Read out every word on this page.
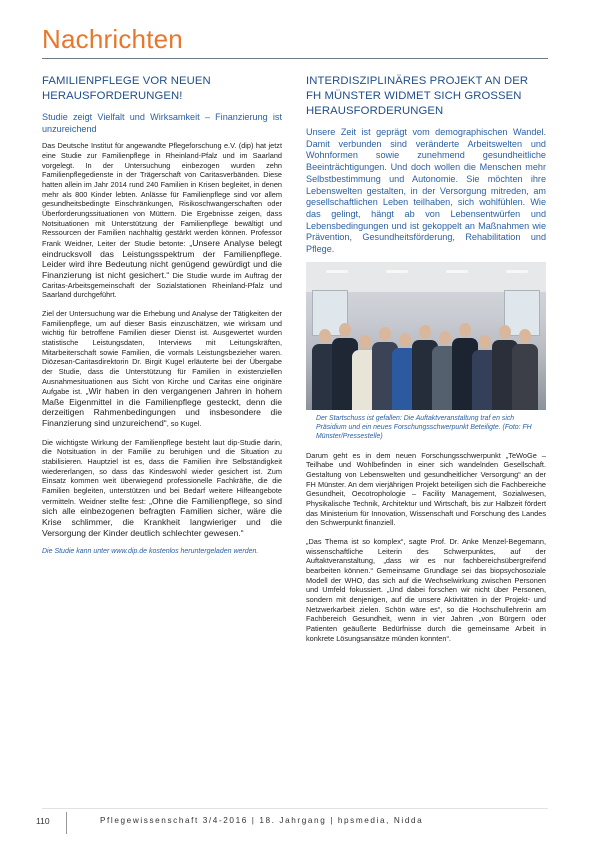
Nachrichten
FAMILIENPFLEGE VOR NEUEN HERAUSFORDERUNGEN!

Studie zeigt Vielfalt und Wirksamkeit – Finanzierung ist unzureichend

Das Deutsche Institut für angewandte Pflegeforschung e.V. (dip) hat jetzt eine Studie zur Familienpflege in Rheinland-Pfalz und im Saarland vorgelegt. In der Untersuchung einbezogen wurden zehn Familienpflegedienste in der Trägerschaft von Caritasverbänden. Diese hatten allein im Jahr 2014 rund 240 Familien in Krisen begleitet, in denen mehr als 800 Kinder lebten. Anlässe für Familienpflege sind vor allem gesundheitsbedingte Einschränkungen, Risikoschwangerschaften oder Überforderungssituationen von Müttern. Die Ergebnisse zeigen, dass Notsituationen mit Unterstützung der Familienpflege bewältigt und Ressourcen der Familien nachhaltig gestärkt werden können. Professor Frank Weidner, Leiter der Studie betonte: „Unsere Analyse belegt eindrucksvoll das Leistungsspektrum der Familienpflege. Leider wird ihre Bedeutung nicht genügend gewürdigt und die Finanzierung ist nicht gesichert.“ Die Studie wurde im Auftrag der Caritas-Arbeitsgemeinschaft der Sozialstationen Rheinland-Pfalz und Saarland durchgeführt.

Ziel der Untersuchung war die Erhebung und Analyse der Tätigkeiten der Familienpflege, um auf dieser Basis einzuschätzen, wie wirksam und wichtig für betroffene Familien dieser Dienst ist. Ausgewertet wurden statistische Leistungsdaten, Interviews mit Leitungskräften, Mitarbeiterschaft sowie Familien, die vormals Leistungsbezieher waren. Diözesan-Caritasdirektorin Dr. Birgit Kugel erläuterte bei der Übergabe der Studie, dass die Unterstützung für Familien in existenziellen Ausnahmesituationen aus Sicht von Kirche und Caritas eine originäre Aufgabe ist. „Wir haben in den vergangenen Jahren in hohem Maße Eigenmittel in die Familienpflege gesteckt, denn die derzeitigen Rahmenbedingungen und insbesondere die Finanzierung sind unzureichend“, so Kugel.

Die wichtigste Wirkung der Familienpflege besteht laut dip-Studie darin, die Notsituation in der Familie zu beruhigen und die Situation zu stabilisieren. Hauptziel ist es, dass die Familien ihre Selbständigkeit wiedererlangen, so dass das Kindeswohl wieder gesichert ist. Zum Einsatz kommen weit überwiegend professionelle Fachkräfte, die die Familien begleiten, unterstützen und bei Bedarf weitere Hilfeangebote vermitteln. Weidner stellte fest: „Ohne die Familienpflege, so sind sich alle einbezogenen befragten Familien sicher, wäre die Krise schlimmer, die Krankheit langwieriger und die Versorgung der Kinder deutlich schlechter gewesen.“

Die Studie kann unter www.dip.de kostenlos heruntergeladen werden.

INTERDISZIPLINÄRES PROJEKT AN DER FH MÜNSTER WIDMET SICH GROSSEN HERAUSFORDERUNGEN

Unsere Zeit ist geprägt vom demographischen Wandel. Damit verbunden sind veränderte Arbeitswelten und Wohnformen sowie zunehmend gesundheitliche Beeinträchtigungen. Und doch wollen die Menschen mehr Selbstbestimmung und Autonomie. Sie möchten ihre Lebenswelten gestalten, in der Versorgung mitreden, am gesellschaftlichen Leben teilhaben, sich wohlfühlen. Wie das gelingt, hängt ab von Lebensentwürfen und Lebensbedingungen und ist gekoppelt an Maßnahmen wie Prävention, Gesundheitsförderung, Rehabilitation und Pflege.

Der Startschuss ist gefallen: Die Auftaktveranstaltung traf en sich Präsidium und ein neues Forschungsschwerpunkt Beteiligte. (Foto: FH Münster/Pressestelle)

Darum geht es in dem neuen Forschungsschwerpunkt „TeWoGe – Teilhabe und Wohlbefinden in einer sich wandelnden Gesellschaft. Gestaltung von Lebenswelten und gesundheitlicher Versorgung“ an der FH Münster. An dem vierjährigen Projekt beteiligen sich die Fachbereiche Gesundheit, Oecotrophologie – Facility Management, Sozialwesen, Physikalische Technik, Architektur und Wirtschaft, bis zur Halbzeit fördert das Ministerium für Innovation, Wissenschaft und Forschung des Landes den Schwerpunkt finanziell.

„Das Thema ist so komplex“, sagte Prof. Dr. Anke Menzel-Begemann, wissenschaftliche Leiterin des Schwerpunktes, auf der Auftaktveranstaltung, „dass wir es nur fachbereichsübergreifend bearbeiten können.“ Gemeinsame Grundlage sei das biopsychosoziale Modell der WHO, das sich auf die Wechselwirkung zwischen Personen und Umfeld fokussiert. „Und dabei forschen wir nicht über Personen, sondern mit denjenigen, auf die unsere Aktivitäten in der Projekt- und Netzwerkarbeit zielen. Schön wäre es“, so die Hochschullehrerin am Fachbereich Gesundheit, wenn in vier Jahren „von Bürgern oder Patienten geäußerte Bedürfnisse durch die gemeinsame Arbeit in konkrete Lösungsansätze münden konnten“.

110	Pflegewissenschaft 3/4-2016 | 18. Jahrgang | hpsmedia, Nidda
